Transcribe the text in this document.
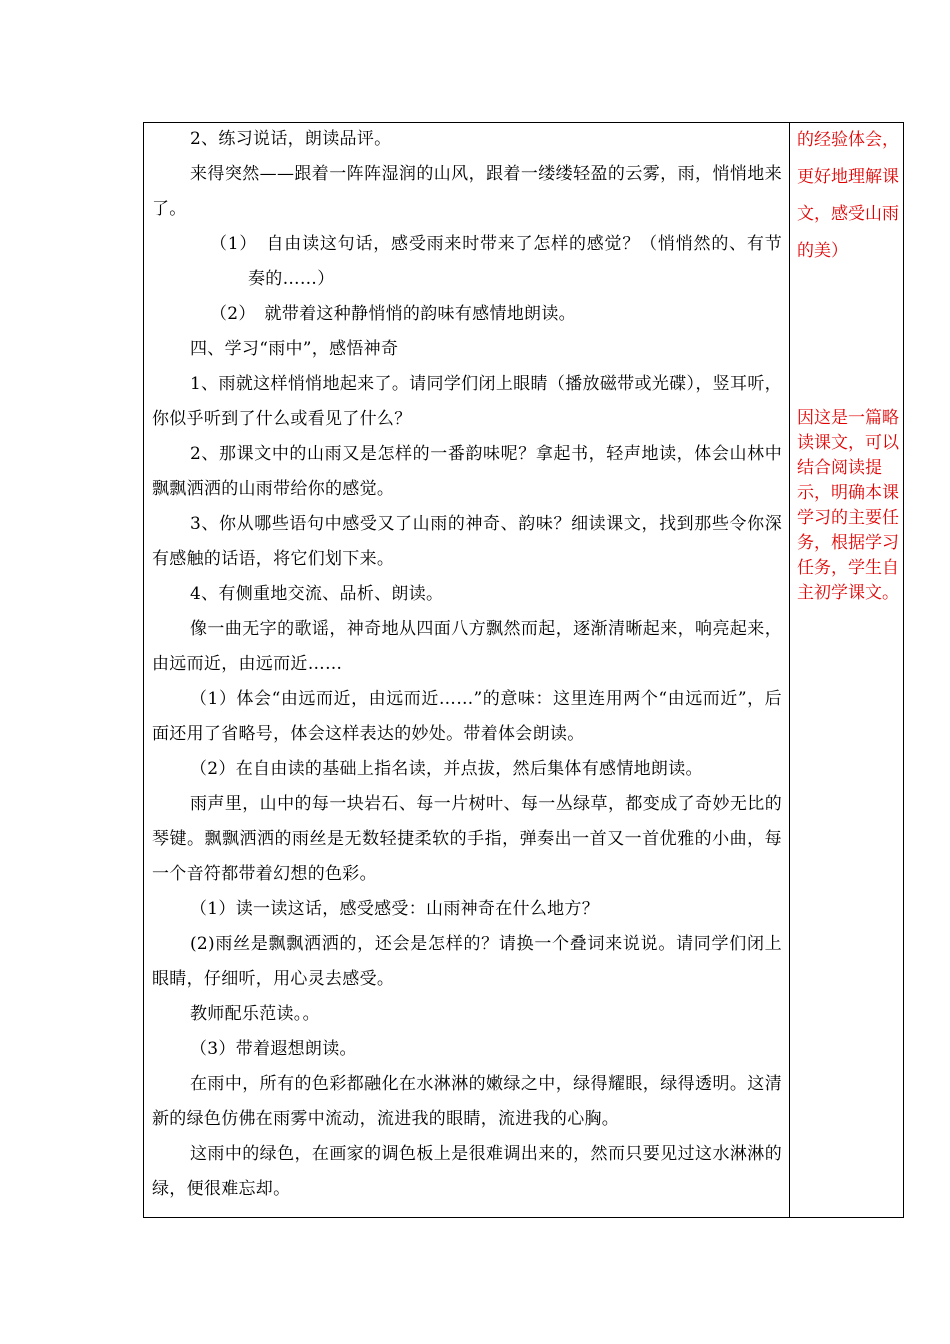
2、练习说话，朗读品评。

来得突然——跟着一阵阵湿润的山风，跟着一缕缕轻盈的云雾，雨，悄悄地来了。

（1）　自由读这句话，感受雨来时带来了怎样的感觉？（悄悄然的、有节奏的……）

（2）　就带着这种静悄悄的韵味有感情地朗读。

四、学习“雨中”，感悟神奇

1、雨就这样悄悄地起来了。请同学们闭上眼睛（播放磁带或光碟），竖耳听，你似乎听到了什么或看见了什么？

2、那课文中的山雨又是怎样的一番韵味呢？拿起书，轻声地读，体会山林中飘飘洒洒的山雨带给你的感觉。

3、你从哪些语句中感受又了山雨的神奇、韵味？细读课文，找到那些令你深有感触的话语，将它们划下来。

4、有侧重地交流、品析、朗读。

像一曲无字的歌谣，神奇地从四面八方飘然而起，逐渐清晰起来，响亮起来，由远而近，由远而近……

（1）体会“由远而近，由远而近……”的意味：这里连用两个“由远而近”，后面还用了省略号，体会这样表达的妙处。带着体会朗读。

（2）在自由读的基础上指名读，并点拔，然后集体有感情地朗读。

雨声里，山中的每一块岩石、每一片树叶、每一丛绿草，都变成了奇妙无比的琴键。飘飘洒洒的雨丝是无数轻捷柔软的手指，弹奏出一首又一首优雅的小曲，每一个音符都带着幻想的色彩。

（1）读一读这话，感受感受：山雨神奇在什么地方？

(2)雨丝是飘飘洒洒的，还会是怎样的？请换一个叠词来说说。请同学们闭上眼睛，仔细听，用心灵去感受。

教师配乐范读。。

（3）带着遐想朗读。

在雨中，所有的色彩都融化在水淋淋的嫩绿之中，绿得耀眼，绿得透明。这清新的绿色仿佛在雨雾中流动，流进我的眼睛，流进我的心胸。

这雨中的绿色，在画家的调色板上是很难调出来的，然而只要见过这水淋淋的绿，便很难忘却。

的经验体会，更好地理解课文，感受山雨的美）
因这是一篇略读课文，可以结合阅读提示，明确本课学习的主要任务，根据学习任务，学生自主初学课文。
